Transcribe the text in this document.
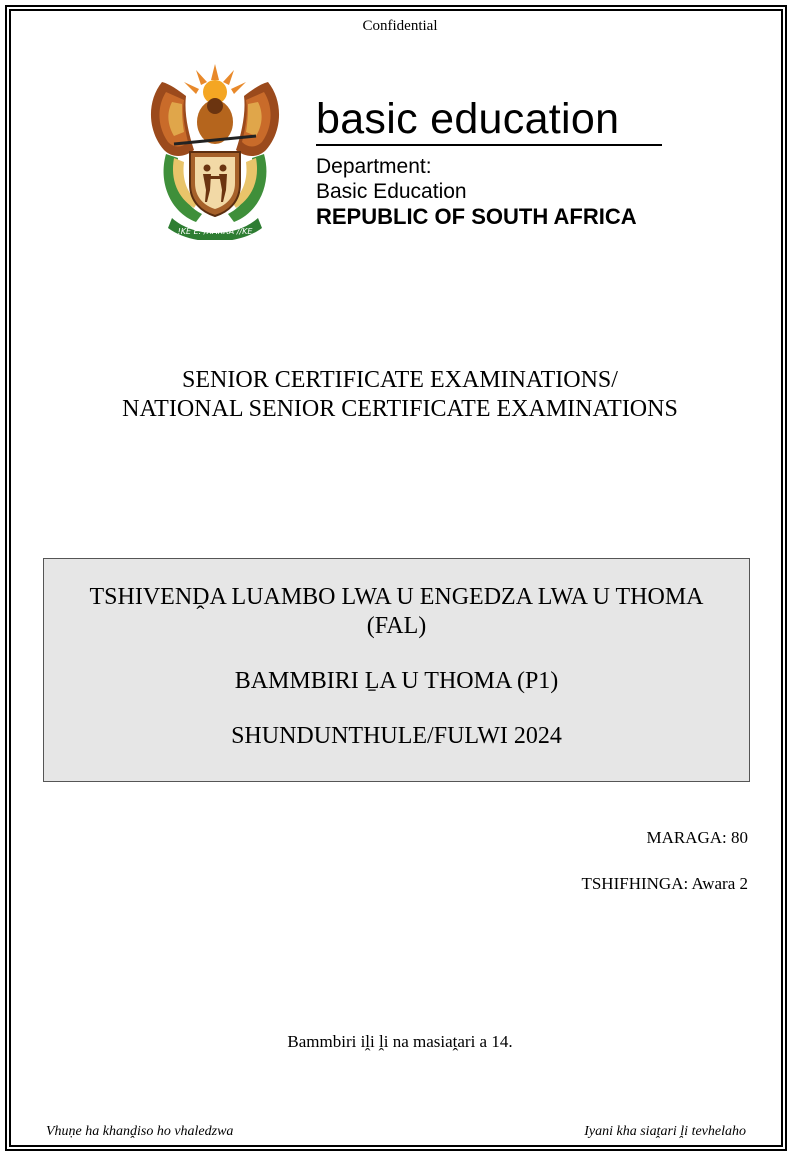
Confidential
!KE E: /XARRA //KE
basic education
Department:
Basic Education
REPUBLIC OF SOUTH AFRICA
SENIOR CERTIFICATE EXAMINATIONS/
NATIONAL SENIOR CERTIFICATE EXAMINATIONS
TSHIVENḒA LUAMBO LWA U ENGEDZA LWA U THOMA
(FAL)
BAMMBIRI ḺA U THOMA (P1)
SHUNDUNTHULE/FULWI 2024
MARAGA: 80
TSHIFHINGA: Awara 2
Bammbiri iḽi ḽi na masiaṱari a 14.
Vhuṇe ha khanḓiso ho vhaledzwa	Iyani kha siaṱari ḽi tevhelaho
